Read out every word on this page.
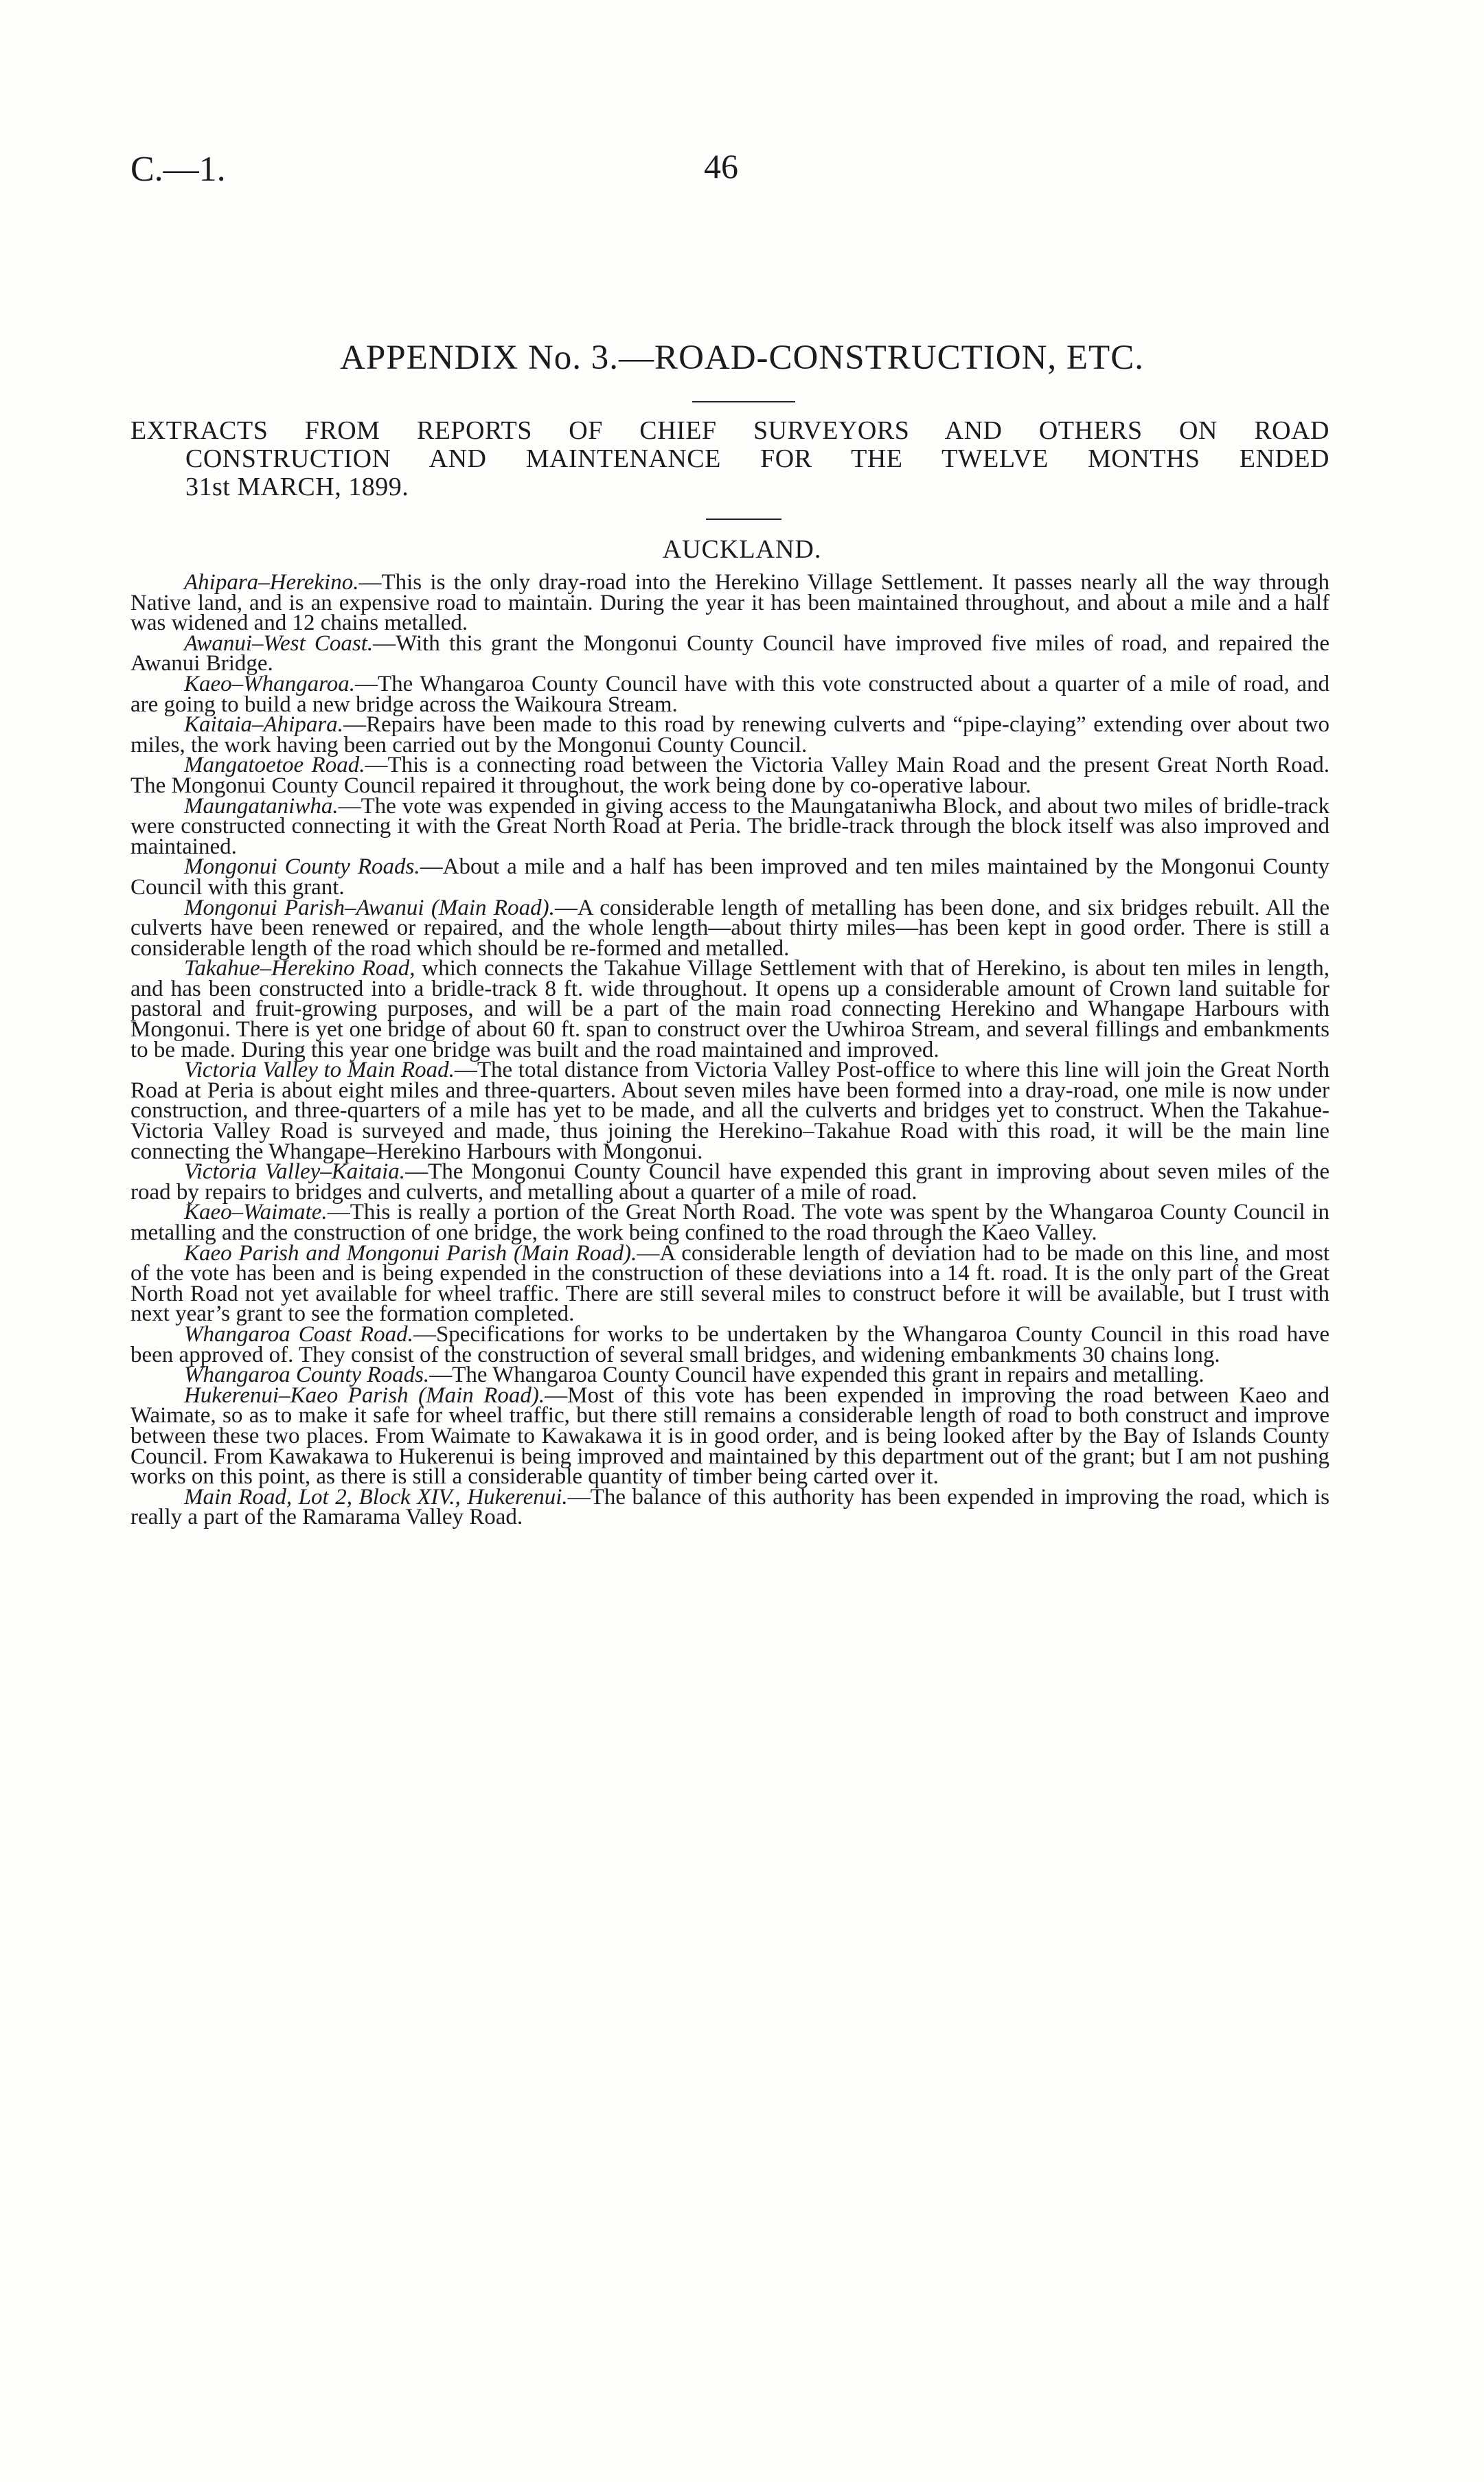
C.—1.	46
APPENDIX No. 3.—ROAD-CONSTRUCTION, ETC.
EXTRACTS FROM REPORTS OF CHIEF SURVEYORS AND OTHERS ON ROAD
CONSTRUCTION AND MAINTENANCE FOR THE TWELVE MONTHS ENDED
31st MARCH, 1899.
AUCKLAND.

Ahipara–Herekino.—This is the only dray-road into the Herekino Village Settlement. It passes nearly all the way through Native land, and is an expensive road to maintain. During the year it has been maintained throughout, and about a mile and a half was widened and 12 chains metalled.

Awanui–West Coast.—With this grant the Mongonui County Council have improved five miles of road, and repaired the Awanui Bridge.

Kaeo–Whangaroa.—The Whangaroa County Council have with this vote constructed about a quarter of a mile of road, and are going to build a new bridge across the Waikoura Stream.

Kaitaia–Ahipara.—Repairs have been made to this road by renewing culverts and “pipe-claying” extending over about two miles, the work having been carried out by the Mongonui County Council.

Mangatoetoe Road.—This is a connecting road between the Victoria Valley Main Road and the present Great North Road. The Mongonui County Council repaired it throughout, the work being done by co-operative labour.

Maungataniwha.—The vote was expended in giving access to the Maungataniwha Block, and about two miles of bridle-track were constructed connecting it with the Great North Road at Peria. The bridle-track through the block itself was also improved and maintained.

Mongonui County Roads.—About a mile and a half has been improved and ten miles maintained by the Mongonui County Council with this grant.

Mongonui Parish–Awanui (Main Road).—A considerable length of metalling has been done, and six bridges rebuilt. All the culverts have been renewed or repaired, and the whole length—about thirty miles—has been kept in good order. There is still a considerable length of the road which should be re-formed and metalled.

Takahue–Herekino Road, which connects the Takahue Village Settlement with that of Herekino, is about ten miles in length, and has been constructed into a bridle-track 8 ft. wide throughout. It opens up a considerable amount of Crown land suitable for pastoral and fruit-growing purposes, and will be a part of the main road connecting Herekino and Whangape Harbours with Mongonui. There is yet one bridge of about 60 ft. span to construct over the Uwhiroa Stream, and several fillings and embankments to be made. During this year one bridge was built and the road maintained and improved.

Victoria Valley to Main Road.—The total distance from Victoria Valley Post-office to where this line will join the Great North Road at Peria is about eight miles and three-quarters. About seven miles have been formed into a dray-road, one mile is now under construction, and three-quarters of a mile has yet to be made, and all the culverts and bridges yet to construct. When the Takahue-Victoria Valley Road is surveyed and made, thus joining the Herekino–Takahue Road with this road, it will be the main line connecting the Whangape–Herekino Harbours with Mongonui.

Victoria Valley–Kaitaia.—The Mongonui County Council have expended this grant in improving about seven miles of the road by repairs to bridges and culverts, and metalling about a quarter of a mile of road.

Kaeo–Waimate.—This is really a portion of the Great North Road. The vote was spent by the Whangaroa County Council in metalling and the construction of one bridge, the work being confined to the road through the Kaeo Valley.

Kaeo Parish and Mongonui Parish (Main Road).—A considerable length of deviation had to be made on this line, and most of the vote has been and is being expended in the construction of these deviations into a 14 ft. road. It is the only part of the Great North Road not yet available for wheel traffic. There are still several miles to construct before it will be available, but I trust with next year’s grant to see the formation completed.

Whangaroa Coast Road.—Specifications for works to be undertaken by the Whangaroa County Council in this road have been approved of. They consist of the construction of several small bridges, and widening embankments 30 chains long.

Whangaroa County Roads.—The Whangaroa County Council have expended this grant in repairs and metalling.

Hukerenui–Kaeo Parish (Main Road).—Most of this vote has been expended in improving the road between Kaeo and Waimate, so as to make it safe for wheel traffic, but there still remains a considerable length of road to both construct and improve between these two places. From Waimate to Kawakawa it is in good order, and is being looked after by the Bay of Islands County Council. From Kawakawa to Hukerenui is being improved and maintained by this department out of the grant; but I am not pushing works on this point, as there is still a considerable quantity of timber being carted over it.

Main Road, Lot 2, Block XIV., Hukerenui.—The balance of this authority has been expended in improving the road, which is really a part of the Ramarama Valley Road.
